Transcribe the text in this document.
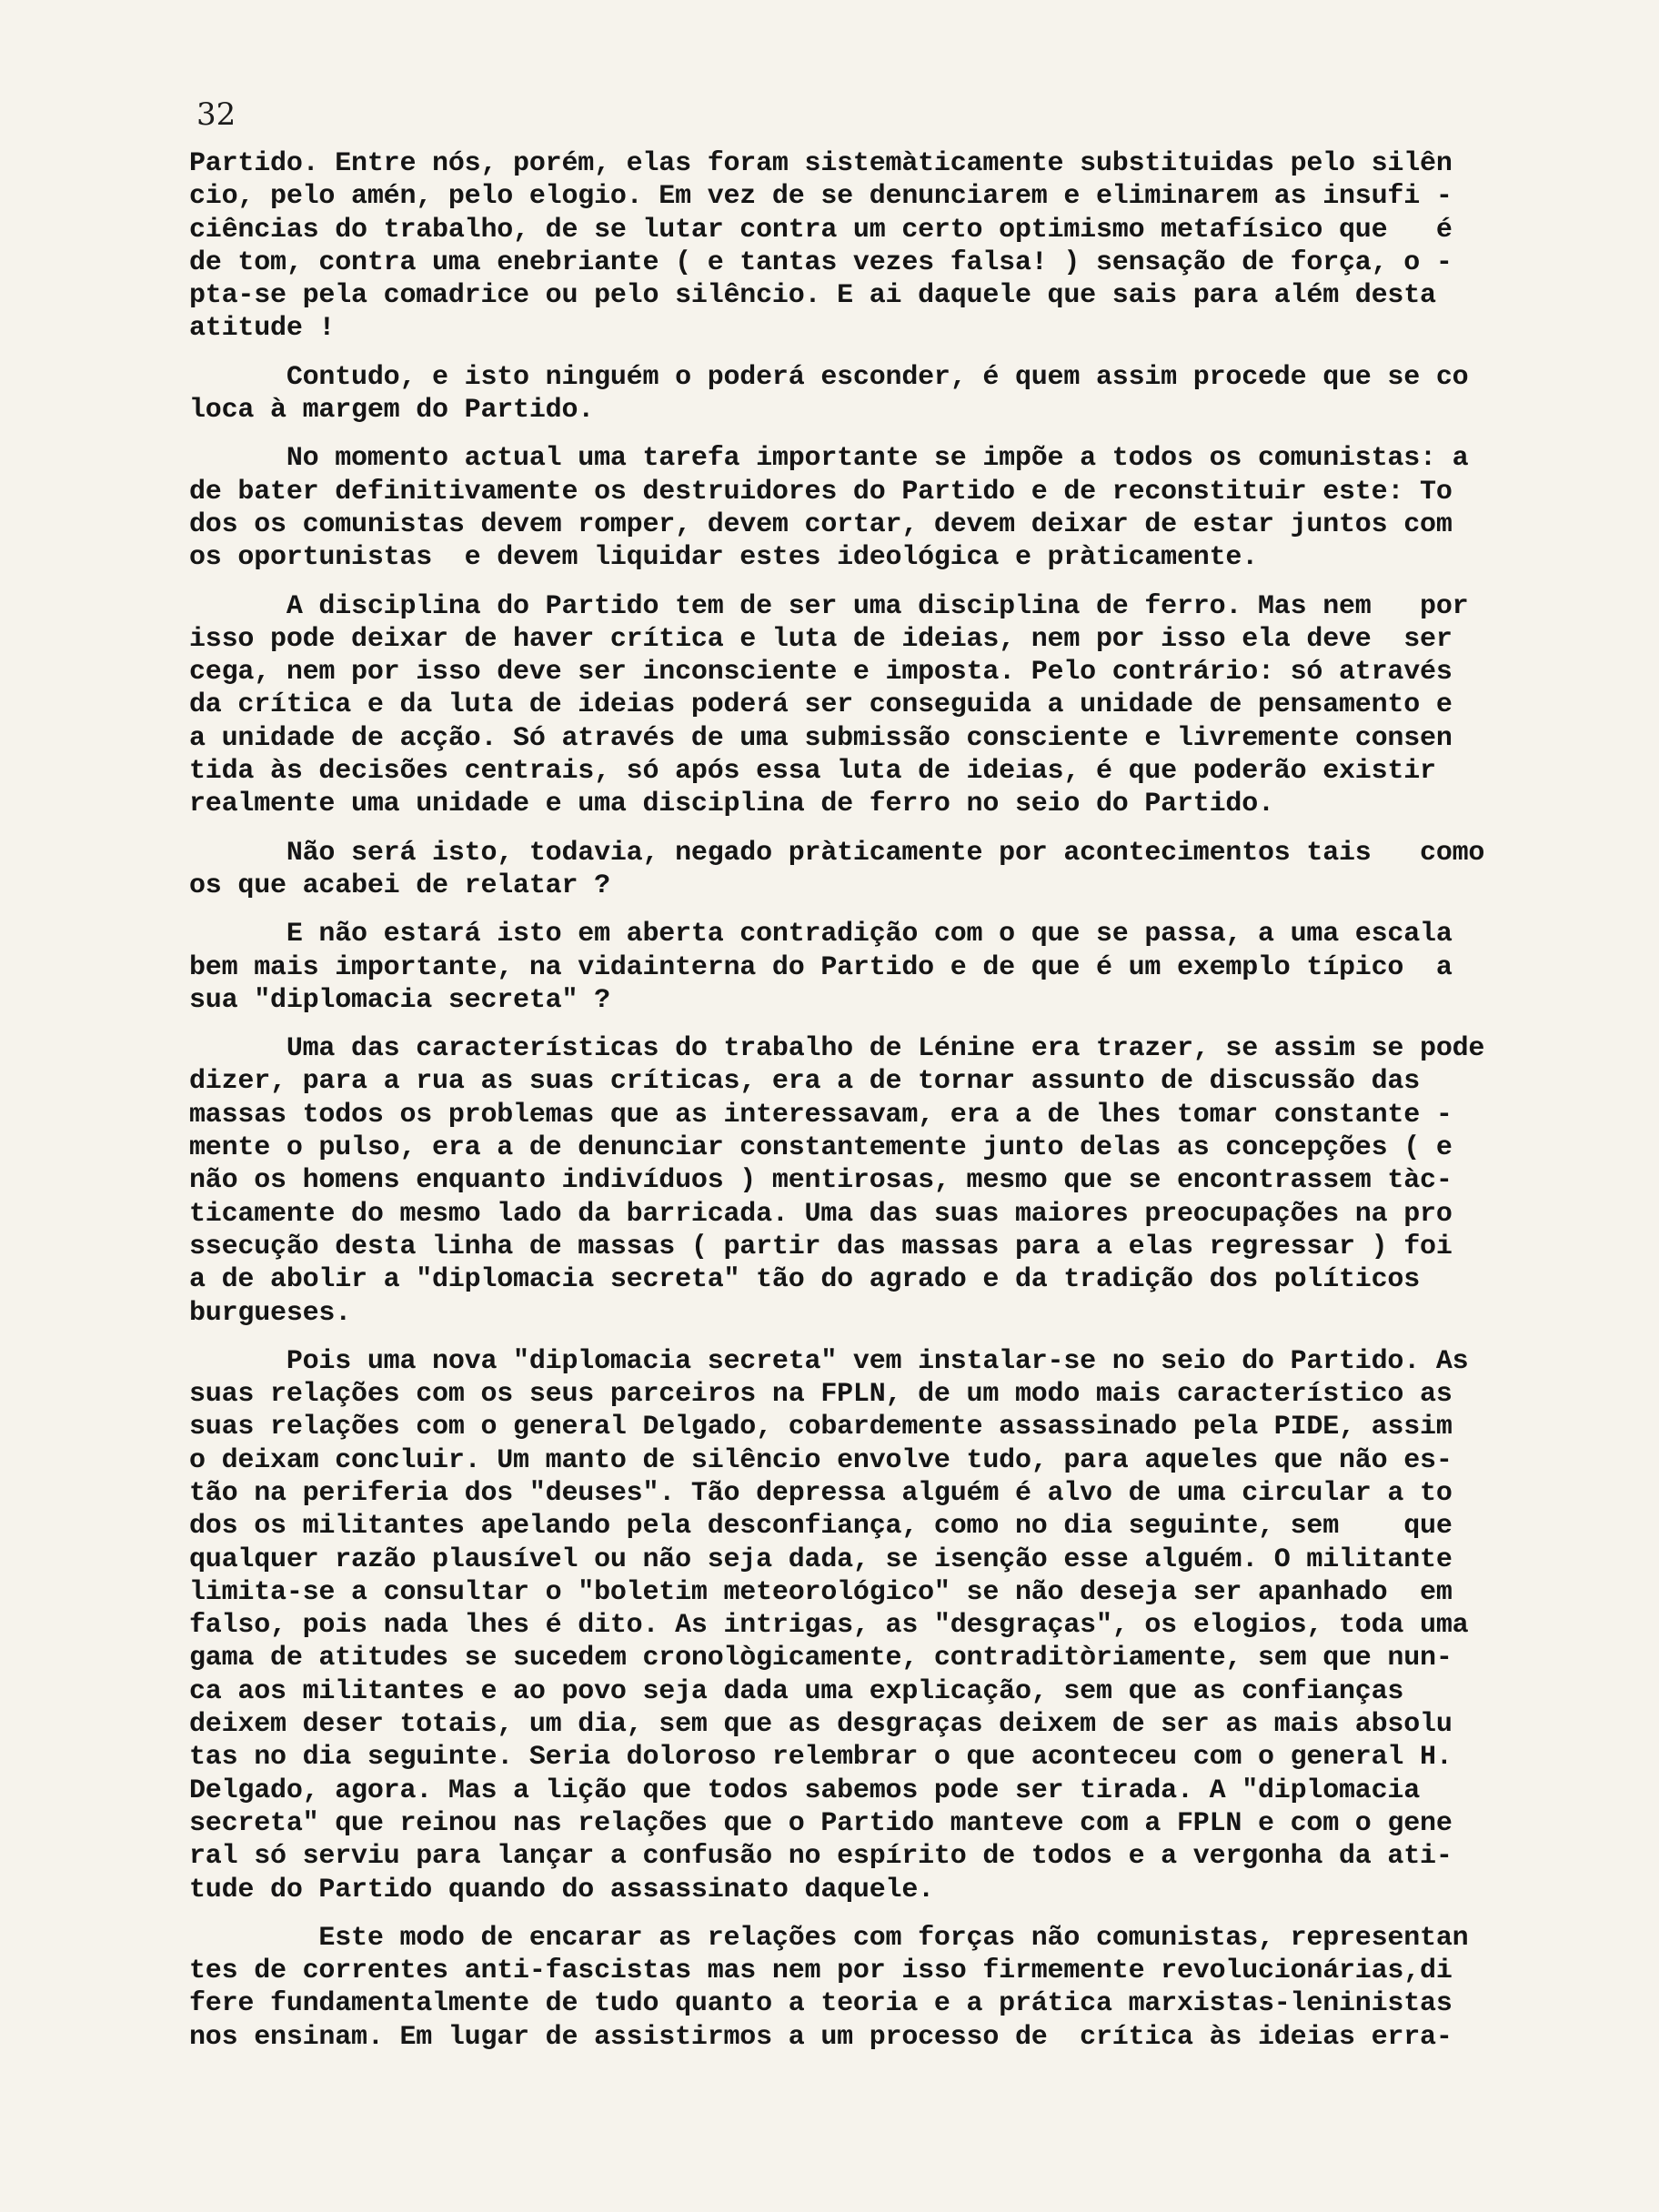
32
Partido. Entre nós, porém, elas foram sistemàticamente substituidas pelo silên
cio, pelo amén, pelo elogio. Em vez de se denunciarem e eliminarem as insufi -
ciências do trabalho, de se lutar contra um certo optimismo metafísico que   é
de tom, contra uma enebriante ( e tantas vezes falsa! ) sensação de força, o -
pta-se pela comadrice ou pelo silêncio. E ai daquele que sais para além desta
atitude !
Contudo, e isto ninguém o poderá esconder, é quem assim procede que se co
loca à margem do Partido.
No momento actual uma tarefa importante se impõe a todos os comunistas: a
de bater definitivamente os destruidores do Partido e de reconstituir este: To
dos os comunistas devem romper, devem cortar, devem deixar de estar juntos com
os oportunistas  e devem liquidar estes ideológica e pràticamente.
A disciplina do Partido tem de ser uma disciplina de ferro. Mas nem   por
isso pode deixar de haver crítica e luta de ideias, nem por isso ela deve  ser
cega, nem por isso deve ser inconsciente e imposta. Pelo contrário: só através
da crítica e da luta de ideias poderá ser conseguida a unidade de pensamento e
a unidade de acção. Só através de uma submissão consciente e livremente consen
tida às decisões centrais, só após essa luta de ideias, é que poderão existir
realmente uma unidade e uma disciplina de ferro no seio do Partido.
Não será isto, todavia, negado pràticamente por acontecimentos tais   como
os que acabei de relatar ?
E não estará isto em aberta contradição com o que se passa, a uma escala
bem mais importante, na vidainterna do Partido e de que é um exemplo típico  a
sua "diplomacia secreta" ?
Uma das características do trabalho de Lénine era trazer, se assim se pode
dizer, para a rua as suas críticas, era a de tornar assunto de discussão das
massas todos os problemas que as interessavam, era a de lhes tomar constante -
mente o pulso, era a de denunciar constantemente junto delas as concepções ( e
não os homens enquanto indivíduos ) mentirosas, mesmo que se encontrassem tàc-
ticamente do mesmo lado da barricada. Uma das suas maiores preocupações na pro
ssecução desta linha de massas ( partir das massas para a elas regressar ) foi
a de abolir a "diplomacia secreta" tão do agrado e da tradição dos políticos
burgueses.
Pois uma nova "diplomacia secreta" vem instalar-se no seio do Partido. As
suas relações com os seus parceiros na FPLN, de um modo mais característico as
suas relações com o general Delgado, cobardemente assassinado pela PIDE, assim
o deixam concluir. Um manto de silêncio envolve tudo, para aqueles que não es-
tão na periferia dos "deuses". Tão depressa alguém é alvo de uma circular a to
dos os militantes apelando pela desconfiança, como no dia seguinte, sem    que
qualquer razão plausível ou não seja dada, se isenção esse alguém. O militante
limita-se a consultar o "boletim meteorológico" se não deseja ser apanhado  em
falso, pois nada lhes é dito. As intrigas, as "desgraças", os elogios, toda uma
gama de atitudes se sucedem cronològicamente, contraditòriamente, sem que nun-
ca aos militantes e ao povo seja dada uma explicação, sem que as confianças
deixem deser totais, um dia, sem que as desgraças deixem de ser as mais absolu
tas no dia seguinte. Seria doloroso relembrar o que aconteceu com o general H.
Delgado, agora. Mas a lição que todos sabemos pode ser tirada. A "diplomacia
secreta" que reinou nas relações que o Partido manteve com a FPLN e com o gene
ral só serviu para lançar a confusão no espírito de todos e a vergonha da ati-
tude do Partido quando do assassinato daquele.
Este modo de encarar as relações com forças não comunistas, representan
tes de correntes anti-fascistas mas nem por isso firmemente revolucionárias,di
fere fundamentalmente de tudo quanto a teoria e a prática marxistas-leninistas
nos ensinam. Em lugar de assistirmos a um processo de  crítica às ideias erra-
